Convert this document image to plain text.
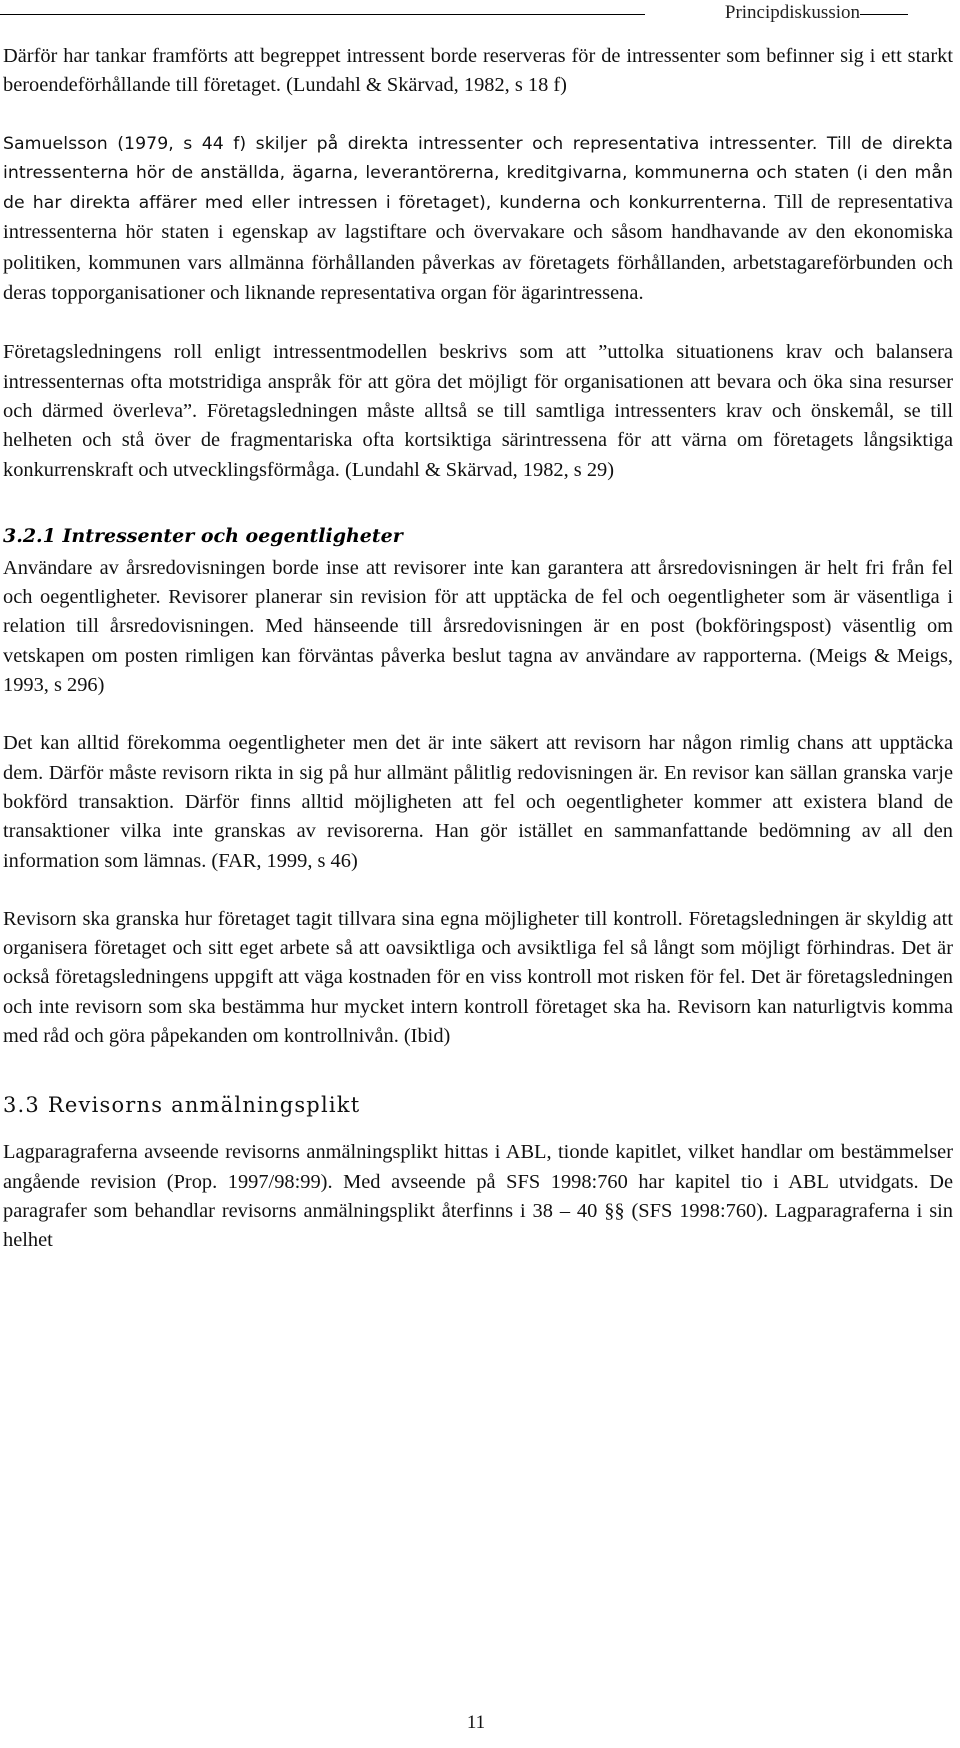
Principdiskussion

Därför har tankar framförts att begreppet intressent borde reserveras för de intressenter som befinner sig i ett starkt beroendeförhållande till företaget. (Lundahl & Skärvad, 1982, s 18 f)

Samuelsson (1979, s 44 f) skiljer på direkta intressenter och representativa intressenter. Till de direkta intressenterna hör de anställda, ägarna, leverantörerna, kreditgivarna, kommunerna och staten (i den mån de har direkta affärer med eller intressen i företaget), kunderna och konkurrenterna. Till de representativa intressenterna hör staten i egenskap av lagstiftare och övervakare och såsom handhavande av den ekonomiska politiken, kommunen vars allmänna förhållanden påverkas av företagets förhållanden, arbetstagareförbunden och deras topporganisationer och liknande representativa organ för ägarintressena.

Företagsledningens roll enligt intressentmodellen beskrivs som att ”uttolka situationens krav och balansera intressenternas ofta motstridiga anspråk för att göra det möjligt för organisationen att bevara och öka sina resurser och därmed överleva”. Företagsledningen måste alltså se till samtliga intressenters krav och önskemål, se till helheten och stå över de fragmentariska ofta kortsiktiga särintressena för att värna om företagets långsiktiga konkurrenskraft och utvecklingsförmåga. (Lundahl & Skärvad, 1982, s 29)

3.2.1 Intressenter och oegentligheter

Användare av årsredovisningen borde inse att revisorer inte kan garantera att årsredovisningen är helt fri från fel och oegentligheter. Revisorer planerar sin revision för att upptäcka de fel och oegentligheter som är väsentliga i relation till årsredovisningen. Med hänseende till årsredovisningen är en post (bokföringspost) väsentlig om vetskapen om posten rimligen kan förväntas påverka beslut tagna av användare av rapporterna. (Meigs & Meigs, 1993, s 296)

Det kan alltid förekomma oegentligheter men det är inte säkert att revisorn har någon rimlig chans att upptäcka dem. Därför måste revisorn rikta in sig på hur allmänt pålitlig redovisningen är. En revisor kan sällan granska varje bokförd transaktion. Därför finns alltid möjligheten att fel och oegentligheter kommer att existera bland de transaktioner vilka inte granskas av revisorerna. Han gör istället en sammanfattande bedömning av all den information som lämnas. (FAR, 1999, s 46)

Revisorn ska granska hur företaget tagit tillvara sina egna möjligheter till kontroll. Företagsledningen är skyldig att organisera företaget och sitt eget arbete så att oavsiktliga och avsiktliga fel så långt som möjligt förhindras. Det är också företagsledningens uppgift att väga kostnaden för en viss kontroll mot risken för fel. Det är företagsledningen och inte revisorn som ska bestämma hur mycket intern kontroll företaget ska ha. Revisorn kan naturligtvis komma med råd och göra påpekanden om kontrollnivån. (Ibid)

3.3 Revisorns anmälningsplikt

Lagparagraferna avseende revisorns anmälningsplikt hittas i ABL, tionde kapitlet, vilket handlar om bestämmelser angående revision (Prop. 1997/98:99). Med avseende på SFS 1998:760 har kapitel tio i ABL utvidgats. De paragrafer som behandlar revisorns anmälningsplikt återfinns i 38 – 40 §§ (SFS 1998:760). Lagparagraferna i sin helhet

11
